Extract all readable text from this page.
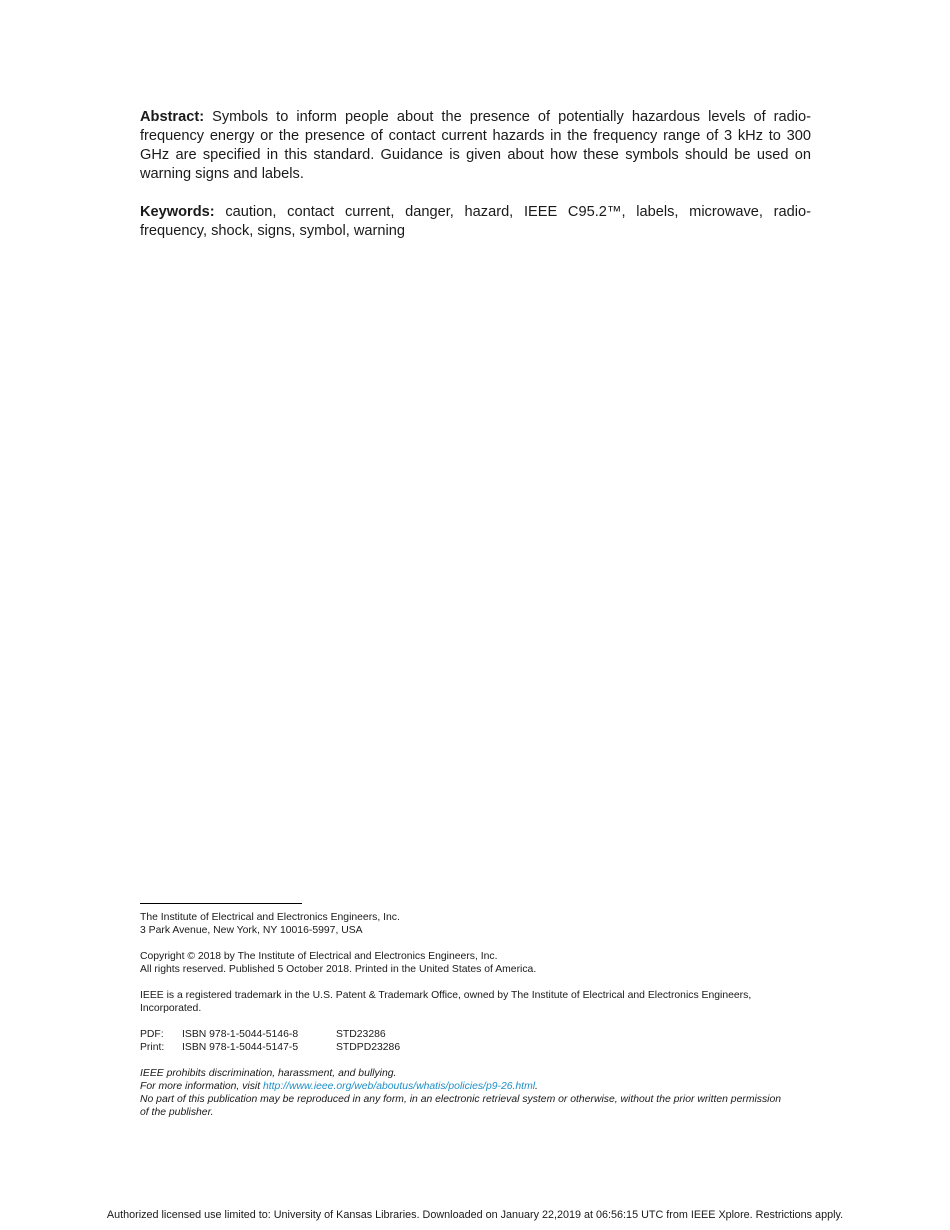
Abstract: Symbols to inform people about the presence of potentially hazardous levels of radio-frequency energy or the presence of contact current hazards in the frequency range of 3 kHz to 300 GHz are specified in this standard. Guidance is given about how these symbols should be used on warning signs and labels.

Keywords: caution, contact current, danger, hazard, IEEE C95.2™, labels, microwave, radio-frequency, shock, signs, symbol, warning

The Institute of Electrical and Electronics Engineers, Inc.
3 Park Avenue, New York, NY 10016-5997, USA
Copyright © 2018 by The Institute of Electrical and Electronics Engineers, Inc.
All rights reserved. Published 5 October 2018. Printed in the United States of America.
IEEE is a registered trademark in the U.S. Patent & Trademark Office, owned by The Institute of Electrical and Electronics Engineers,
Incorporated.
PDF:	ISBN 978-1-5044-5146-8	STD23286
Print:	ISBN 978-1-5044-5147-5	STDPD23286
IEEE prohibits discrimination, harassment, and bullying.
For more information, visit http://www.ieee.org/web/aboutus/whatis/policies/p9-26.html.
No part of this publication may be reproduced in any form, in an electronic retrieval system or otherwise, without the prior written permission
of the publisher.
Authorized licensed use limited to: University of Kansas Libraries. Downloaded on January 22,2019 at 06:56:15 UTC from IEEE Xplore. Restrictions apply.
